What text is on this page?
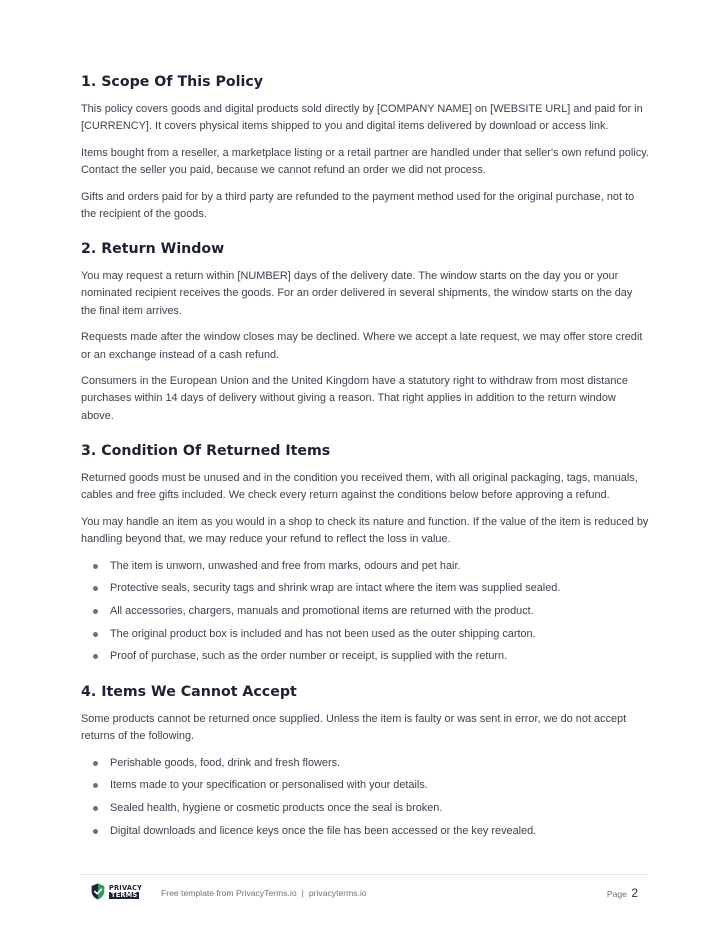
1. Scope Of This Policy

This policy covers goods and digital products sold directly by [COMPANY NAME] on [WEBSITE URL] and paid for in [CURRENCY]. It covers physical items shipped to you and digital items delivered by download or access link.

Items bought from a reseller, a marketplace listing or a retail partner are handled under that seller's own refund policy. Contact the seller you paid, because we cannot refund an order we did not process.

Gifts and orders paid for by a third party are refunded to the payment method used for the original purchase, not to the recipient of the goods.

2. Return Window

You may request a return within [NUMBER] days of the delivery date. The window starts on the day you or your nominated recipient receives the goods. For an order delivered in several shipments, the window starts on the day the final item arrives.

Requests made after the window closes may be declined. Where we accept a late request, we may offer store credit or an exchange instead of a cash refund.

Consumers in the European Union and the United Kingdom have a statutory right to withdraw from most distance purchases within 14 days of delivery without giving a reason. That right applies in addition to the return window above.

3. Condition Of Returned Items

Returned goods must be unused and in the condition you received them, with all original packaging, tags, manuals, cables and free gifts included. We check every return against the conditions below before approving a refund.

You may handle an item as you would in a shop to check its nature and function. If the value of the item is reduced by handling beyond that, we may reduce your refund to reflect the loss in value.

The item is unworn, unwashed and free from marks, odours and pet hair.
Protective seals, security tags and shrink wrap are intact where the item was supplied sealed.
All accessories, chargers, manuals and promotional items are returned with the product.
The original product box is included and has not been used as the outer shipping carton.
Proof of purchase, such as the order number or receipt, is supplied with the return.
4. Items We Cannot Accept

Some products cannot be returned once supplied. Unless the item is faulty or was sent in error, we do not accept returns of the following.

Perishable goods, food, drink and fresh flowers.
Items made to your specification or personalised with your details.
Sealed health, hygiene or cosmetic products once the seal is broken.
Digital downloads and licence keys once the file has been accessed or the key revealed.
PRIVACY
TERMS	Free template from PrivacyTerms.io | privacyterms.io	Page 2
